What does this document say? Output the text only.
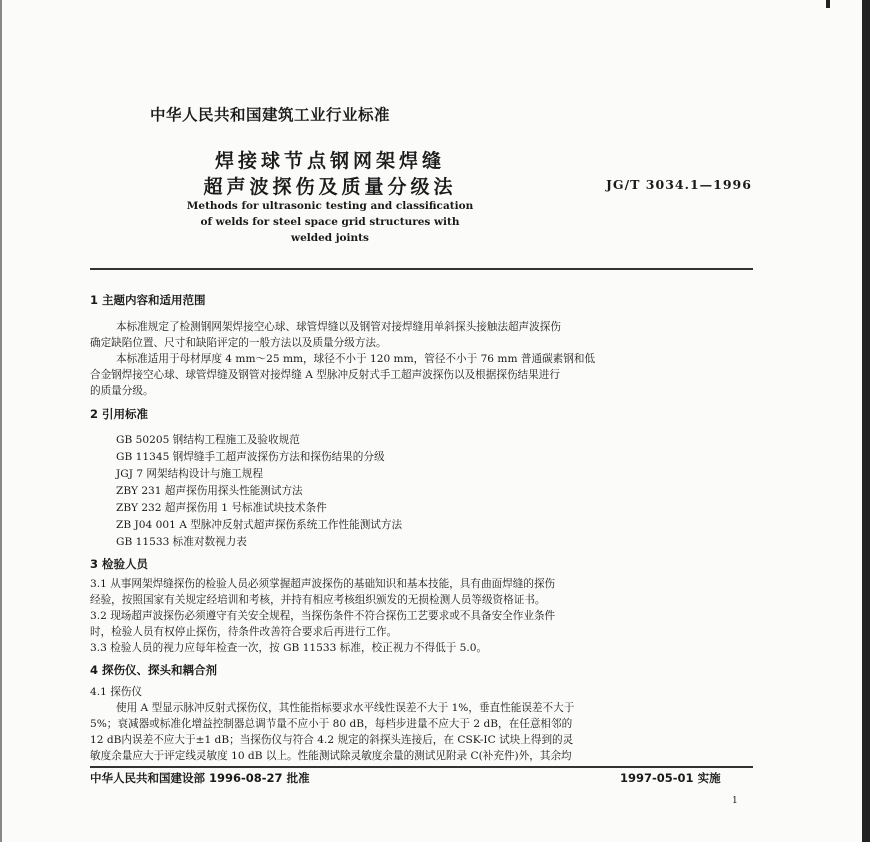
中华人民共和国建筑工业行业标准
焊接球节点钢网架焊缝
超声波探伤及质量分级法	JG/T 3034.1—1996
Methods for ultrasonic testing and classification
of welds for steel space grid structures with
welded joints
1 主题内容和适用范围
本标准规定了检测钢网架焊接空心球、球管焊缝以及钢管对接焊缝用单斜探头接触法超声波探伤
确定缺陷位置、尺寸和缺陷评定的一般方法以及质量分级方法。
本标准适用于母材厚度 4 mm～25 mm，球径不小于 120 mm，管径不小于 76 mm 普通碳素钢和低
合金钢焊接空心球、球管焊缝及钢管对接焊缝 A 型脉冲反射式手工超声波探伤以及根据探伤结果进行
的质量分级。
2 引用标准
GB 50205 钢结构工程施工及验收规范
GB 11345 钢焊缝手工超声波探伤方法和探伤结果的分级
JGJ 7 网架结构设计与施工规程
ZBY 231 超声探伤用探头性能测试方法
ZBY 232 超声探伤用 1 号标准试块技术条件
ZB J04 001 A 型脉冲反射式超声探伤系统工作性能测试方法
GB 11533 标准对数视力表
3 检验人员
3.1 从事网架焊缝探伤的检验人员必须掌握超声波探伤的基础知识和基本技能，具有曲面焊缝的探伤
经验，按照国家有关规定经培训和考核，并持有相应考核组织颁发的无损检测人员等级资格证书。
3.2 现场超声波探伤必须遵守有关安全规程，当探伤条件不符合探伤工艺要求或不具备安全作业条件
时，检验人员有权停止探伤，待条件改善符合要求后再进行工作。
3.3 检验人员的视力应每年检查一次，按 GB 11533 标准，校正视力不得低于 5.0。
4 探伤仪、探头和耦合剂
4.1 探伤仪
使用 A 型显示脉冲反射式探伤仪，其性能指标要求水平线性误差不大于 1%，垂直性能误差不大于
5%；衰减器或标准化增益控制器总调节量不应小于 80 dB，每档步进量不应大于 2 dB，在任意相邻的
12 dB内误差不应大于±1 dB；当探伤仪与符合 4.2 规定的斜探头连接后，在 CSK-ⅠC 试块上得到的灵
敏度余量应大于评定线灵敏度 10 dB 以上。性能测试除灵敏度余量的测试见附录 C(补充件)外，其余均
中华人民共和国建设部 1996-08-27 批准	1997-05-01 实施
1
